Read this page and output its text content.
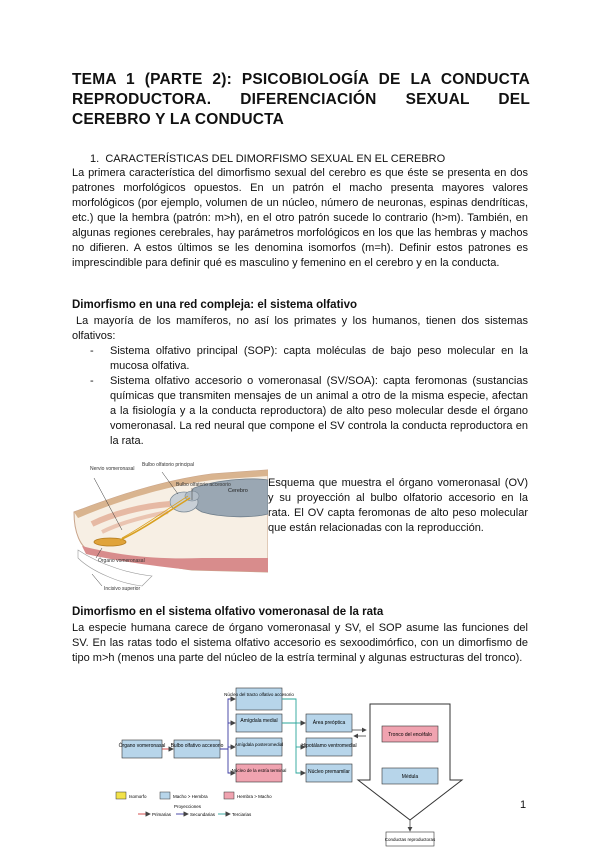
TEMA 1 (PARTE 2): PSICOBIOLOGÍA DE LA CONDUCTA REPRODUCTORA. DIFERENCIACIÓN SEXUAL DEL CEREBRO Y LA CONDUCTA
1. CARACTERÍSTICAS DEL DIMORFISMO SEXUAL EN EL CEREBRO
La primera característica del dimorfismo sexual del cerebro es que éste se presenta en dos patrones morfológicos opuestos. En un patrón el macho presenta mayores valores morfológicos (por ejemplo, volumen de un núcleo, número de neuronas, espinas dendríticas, etc.) que la hembra (patrón: m>h), en el otro patrón sucede lo contrario (h>m). También, en algunas regiones cerebrales, hay parámetros morfológicos en los que las hembras y machos no difieren. A estos últimos se les denomina isomorfos (m=h). Definir estos patrones es imprescindible para definir qué es masculino y femenino en el cerebro y en la conducta.
Dimorfismo en una red compleja: el sistema olfativo
La mayoría de los mamíferos, no así los primates y los humanos, tienen dos sistemas olfativos:
- Sistema olfativo principal (SOP): capta moléculas de bajo peso molecular en la mucosa olfativa.
- Sistema olfativo accesorio o vomeronasal (SV/SOA): capta feromonas (sustancias químicas que transmiten mensajes de un animal a otro de la misma especie, afectan a la fisiología y a la conducta reproductora) de alto peso molecular desde el órgano vomeronasal. La red neural que compone el SV controla la conducta reproductora en la rata.
Nervio vomeronasal
Bulbo olfatorio principal
Bulbo olfatorio accesorio
Cerebro
Órgano vomeronasal
Incisivo superior
Esquema que muestra el órgano vomeronasal (OV) y su proyección al bulbo olfatorio accesorio en la rata. El OV capta feromonas de alto peso molecular que están relacionadas con la reproducción.
Dimorfismo en el sistema olfativo vomeronasal de la rata
La especie humana carece de órgano vomeronasal y SV, el SOP asume las funciones del SV. En las ratas todo el sistema olfativo accesorio es sexoodimórfico, con un dimorfismo de tipo m>h (menos una parte del núcleo de la estría terminal y algunas estructuras del tronco).
Órgano vomeronasal Bulbo olfativo accesorio
Núcleo del tracto olfativo accesorio
Amígdala medial
Amígdala posteromedial
Núcleo de la estría terminal
Área preóptica
Hipotálamo ventromedial
Núcleo premamilar
Tronco del encéfalo
Médula
Conductas reproductoras
Isomorfo	Macho > Hembra	Hembra > Macho
Proyecciones
Primarias	Secundarias	Terciarias
1
